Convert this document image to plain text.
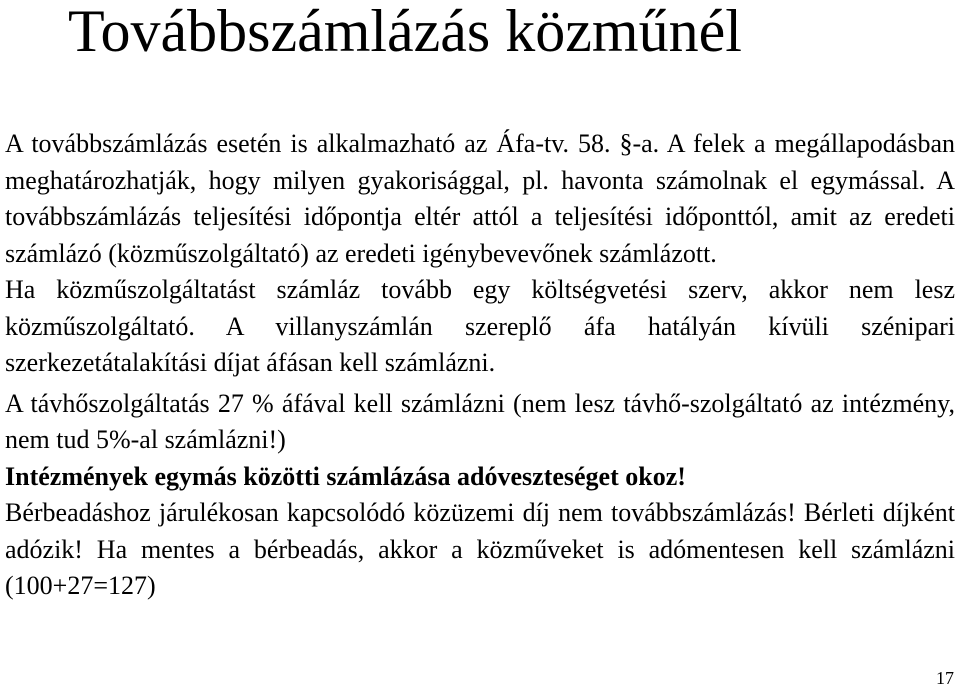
Továbbszámlázás közműnél

A továbbszámlázás esetén is alkalmazható az Áfa-tv. 58. §-a. A felek a megállapodásban meghatározhatják, hogy milyen gyakorisággal, pl. havonta számolnak el egymással. A továbbszámlázás teljesítési időpontja eltér attól a teljesítési időponttól, amit az eredeti számlázó (közműszolgáltató) az eredeti igénybevevőnek számlázott.

Ha közműszolgáltatást számláz tovább egy költségvetési szerv, akkor nem lesz közműszolgáltató. A villanyszámlán szereplő áfa hatályán kívüli szénipari szerkezetátalakítási díjat áfásan kell számlázni.

A távhőszolgáltatás 27 % áfával kell számlázni (nem lesz távhő-szolgáltató az intézmény, nem tud 5%-al számlázni!)

Intézmények egymás közötti számlázása adóveszteséget okoz!

Bérbeadáshoz járulékosan kapcsolódó közüzemi díj nem továbbszámlázás! Bérleti díjként adózik! Ha mentes a bérbeadás, akkor a közműveket is adómentesen kell számlázni (100+27=127)

17
